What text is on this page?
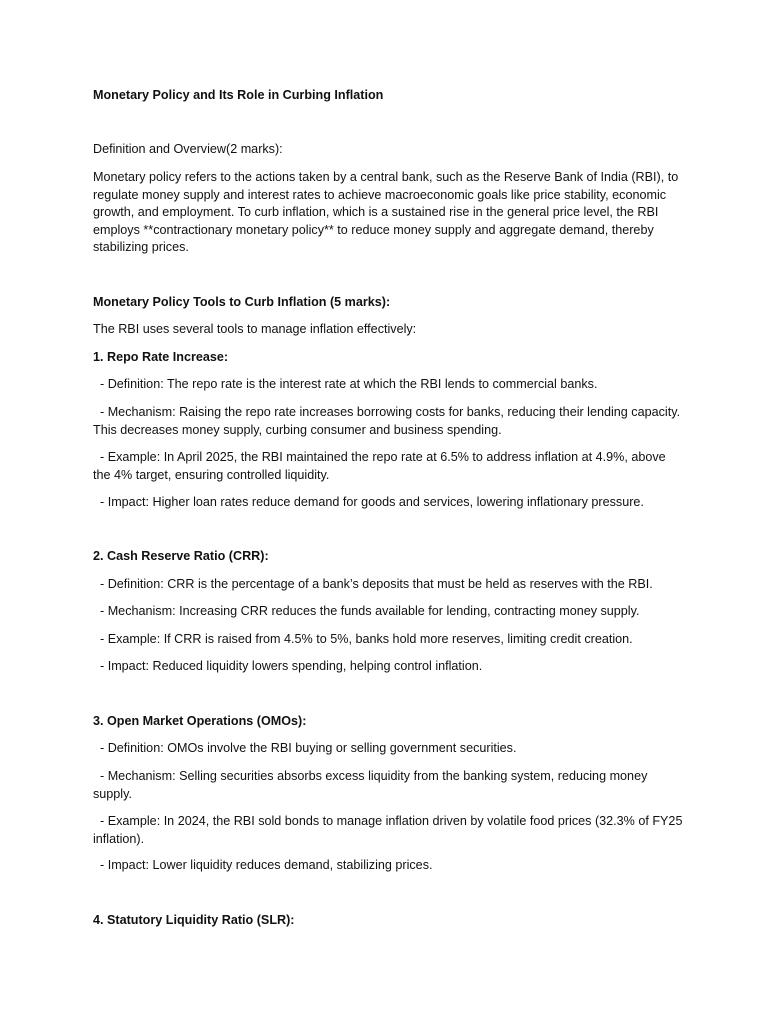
Monetary Policy and Its Role in Curbing Inflation

Definition and Overview(2 marks):

Monetary policy refers to the actions taken by a central bank, such as the Reserve Bank of India (RBI), to regulate money supply and interest rates to achieve macroeconomic goals like price stability, economic growth, and employment. To curb inflation, which is a sustained rise in the general price level, the RBI employs **contractionary monetary policy** to reduce money supply and aggregate demand, thereby stabilizing prices.

Monetary Policy Tools to Curb Inflation (5 marks):

The RBI uses several tools to manage inflation effectively:

1. Repo Rate Increase:

- Definition: The repo rate is the interest rate at which the RBI lends to commercial banks.

- Mechanism: Raising the repo rate increases borrowing costs for banks, reducing their lending capacity. This decreases money supply, curbing consumer and business spending.

- Example: In April 2025, the RBI maintained the repo rate at 6.5% to address inflation at 4.9%, above the 4% target, ensuring controlled liquidity.

- Impact: Higher loan rates reduce demand for goods and services, lowering inflationary pressure.

2. Cash Reserve Ratio (CRR):

- Definition: CRR is the percentage of a bank’s deposits that must be held as reserves with the RBI.

- Mechanism: Increasing CRR reduces the funds available for lending, contracting money supply.

- Example: If CRR is raised from 4.5% to 5%, banks hold more reserves, limiting credit creation.

- Impact: Reduced liquidity lowers spending, helping control inflation.

3. Open Market Operations (OMOs):

- Definition: OMOs involve the RBI buying or selling government securities.

- Mechanism: Selling securities absorbs excess liquidity from the banking system, reducing money supply.

- Example: In 2024, the RBI sold bonds to manage inflation driven by volatile food prices (32.3% of FY25 inflation).

- Impact: Lower liquidity reduces demand, stabilizing prices.

4. Statutory Liquidity Ratio (SLR):
